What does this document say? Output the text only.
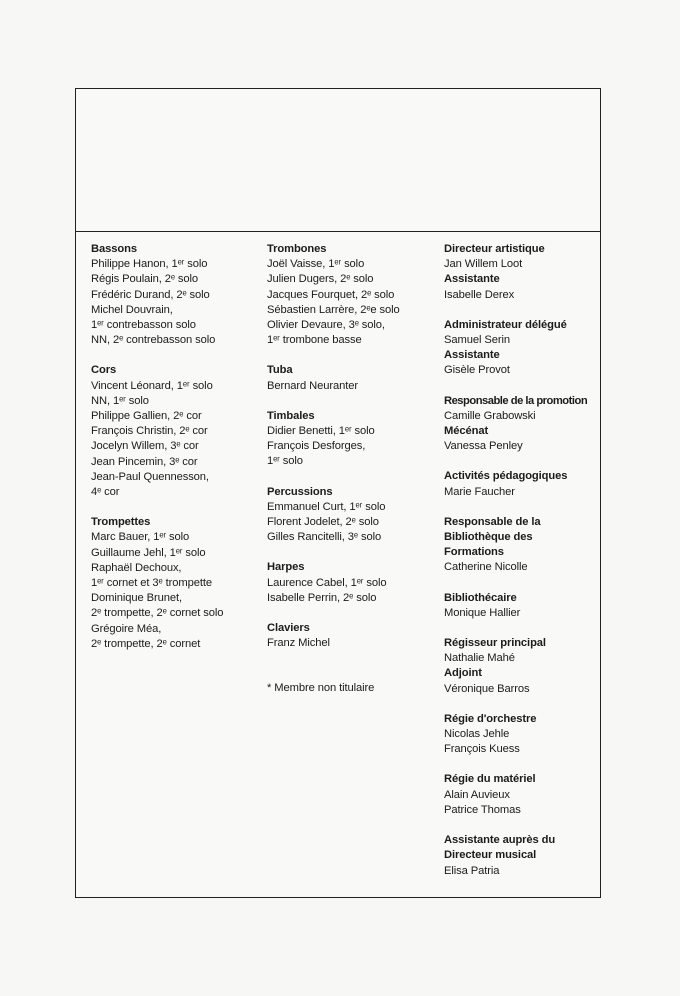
Bassons
Philippe Hanon, 1ᵉʳ solo
Régis Poulain, 2ᵉ solo
Frédéric Durand, 2ᵉ solo
Michel Douvrain,
1ᵉʳ contrebasson solo
NN, 2ᵉ contrebasson solo
Cors
Vincent Léonard, 1ᵉʳ solo
NN, 1ᵉʳ solo
Philippe Gallien, 2ᵉ cor
François Christin, 2ᵉ cor
Jocelyn Willem, 3ᵉ cor
Jean Pincemin, 3ᵉ cor
Jean-Paul Quennesson,
4ᵉ cor
Trompettes
Marc Bauer, 1ᵉʳ solo
Guillaume Jehl, 1ᵉʳ solo
Raphaël Dechoux,
1ᵉʳ cornet et 3ᵉ trompette
Dominique Brunet,
2ᵉ trompette, 2ᵉ cornet solo
Grégoire Méa,
2ᵉ trompette, 2ᵉ cornet
Trombones
Joël Vaisse, 1ᵉʳ solo
Julien Dugers, 2ᵉ solo
Jacques Fourquet, 2ᵉ solo
Sébastien Larrère, 2ᵉe solo
Olivier Devaure, 3ᵉ solo,
1ᵉʳ trombone basse
Tuba
Bernard Neuranter
Timbales
Didier Benetti, 1ᵉʳ solo
François Desforges,
1ᵉʳ solo
Percussions
Emmanuel Curt, 1ᵉʳ solo
Florent Jodelet, 2ᵉ solo
Gilles Rancitelli, 3ᵉ solo
Harpes
Laurence Cabel, 1ᵉʳ solo
Isabelle Perrin, 2ᵉ solo
Claviers
Franz Michel
* Membre non titulaire
Directeur artistique
Jan Willem Loot
Assistante
Isabelle Derex
Administrateur délégué
Samuel Serin
Assistante
Gisèle Provot
Responsable de la promotion
Camille Grabowski
Mécénat
Vanessa Penley
Activités pédagogiques
Marie Faucher
Responsable de la Bibliothèque des Formations
Catherine Nicolle
Bibliothécaire
Monique Hallier
Régisseur principal
Nathalie Mahé
Adjoint
Véronique Barros
Régie d'orchestre
Nicolas Jehle
François Kuess
Régie du matériel
Alain Auvieux
Patrice Thomas
Assistante auprès du Directeur musical
Elisa Patria
